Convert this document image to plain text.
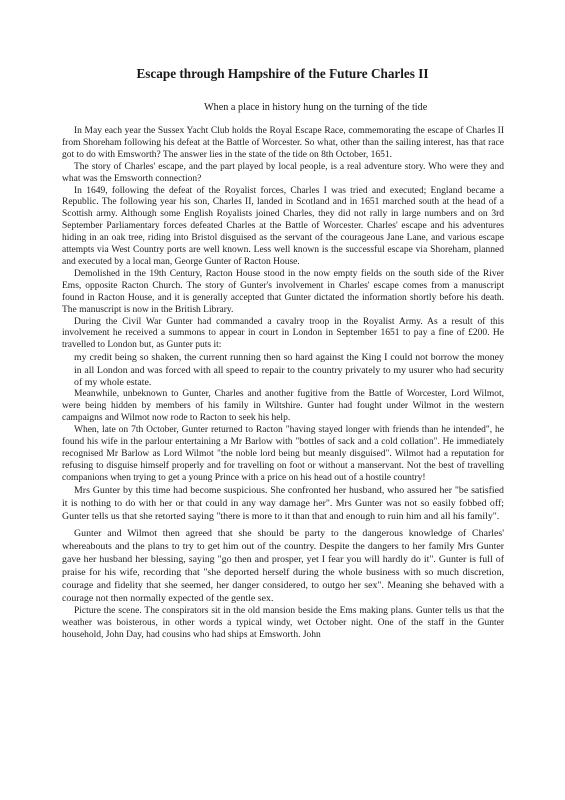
Escape through Hampshire of the Future Charles II
When a place in history hung on the turning of the tide

In May each year the Sussex Yacht Club holds the Royal Escape Race, commemorating the escape of Charles II from Shoreham following his defeat at the Battle of Worcester. So what, other than the sailing interest, has that race got to do with Emsworth? The answer lies in the state of the tide on 8th October, 1651.

The story of Charles' escape, and the part played by local people, is a real adventure story. Who were they and what was the Emsworth connection?

In 1649, following the defeat of the Royalist forces, Charles I was tried and executed; England became a Republic. The following year his son, Charles II, landed in Scotland and in 1651 marched south at the head of a Scottish army. Although some English Royalists joined Charles, they did not rally in large numbers and on 3rd September Parliamentary forces defeated Charles at the Battle of Worcester. Charles' escape and his adventures hiding in an oak tree, riding into Bristol disguised as the servant of the courageous Jane Lane, and various escape attempts via West Country ports are well known. Less well known is the successful escape via Shoreham, planned and executed by a local man, George Gunter of Racton House.

Demolished in the 19th Century, Racton House stood in the now empty fields on the south side of the River Ems, opposite Racton Church. The story of Gunter's involvement in Charles' escape comes from a manuscript found in Racton House, and it is generally accepted that Gunter dictated the information shortly before his death. The manuscript is now in the British Library.

During the Civil War Gunter had commanded a cavalry troop in the Royalist Army. As a result of this involvement he received a summons to appear in court in London in September 1651 to pay a fine of £200. He travelled to London but, as Gunter puts it:

my credit being so shaken, the current running then so hard against the King I could not borrow the money in all London and was forced with all speed to repair to the country privately to my usurer who had security of my whole estate.

Meanwhile, unbeknown to Gunter, Charles and another fugitive from the Battle of Worcester, Lord Wilmot, were being hidden by members of his family in Wiltshire. Gunter had fought under Wilmot in the western campaigns and Wilmot now rode to Racton to seek his help.

When, late on 7th October, Gunter returned to Racton "having stayed longer with friends than he intended", he found his wife in the parlour entertaining a Mr Barlow with "bottles of sack and a cold collation". He immediately recognised Mr Barlow as Lord Wilmot "the noble lord being but meanly disguised". Wilmot had a reputation for refusing to disguise himself properly and for travelling on foot or without a manservant. Not the best of travelling companions when trying to get a young Prince with a price on his head out of a hostile country!

Mrs Gunter by this time had become suspicious. She confronted her husband, who assured her "be satisfied it is nothing to do with her or that could in any way damage her". Mrs Gunter was not so easily fobbed off; Gunter tells us that she retorted saying "there is more to it than that and enough to ruin him and all his family".

Gunter and Wilmot then agreed that she should be party to the dangerous knowledge of Charles' whereabouts and the plans to try to get him out of the country. Despite the dangers to her family Mrs Gunter gave her husband her blessing, saying "go then and prosper, yet I fear you will hardly do it". Gunter is full of praise for his wife, recording that "she deported herself during the whole business with so much discretion, courage and fidelity that she seemed, her danger considered, to outgo her sex". Meaning she behaved with a courage not then normally expected of the gentle sex.

Picture the scene. The conspirators sit in the old mansion beside the Ems making plans. Gunter tells us that the weather was boisterous, in other words a typical windy, wet October night. One of the staff in the Gunter household, John Day, had cousins who had ships at Emsworth. John
